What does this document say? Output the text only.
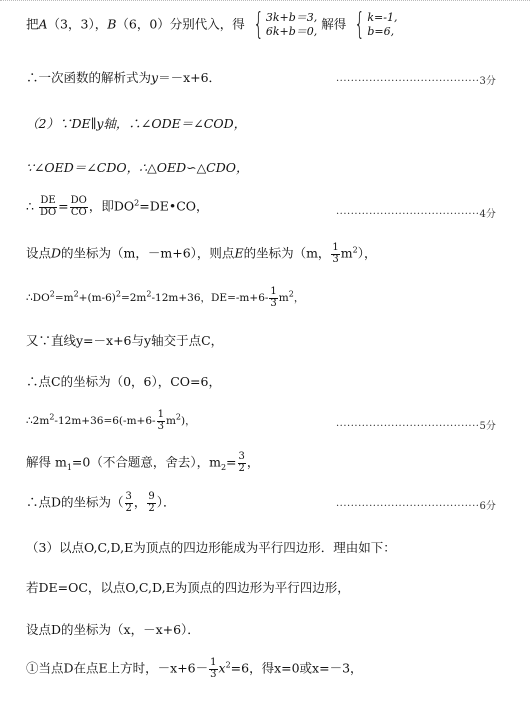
把A（3，3），B（6，0）分别代入，得 { 3k+b＝3,
6k+b＝0, 解得 { k=-1,
b=6,
∴一次函数的解析式为y＝－x+6．	·······································3分
（2）∵DE∥y轴，∴∠ODE＝∠COD，
∵∠OED＝∠CDO，∴△OED∽△CDO，
∴ $\frac{DE}{DO} = \frac{DO}{CO}$ ，即$DO^2=DE•CO$，
·······································4分
设点D的坐标为（m，－m+6），则点E的坐标为（m， $\frac{1}{3} m^2$），
$\therefore DO^2=m^2+(m-6)^2=2m^2-12m+36$，$DE=-m+6- \frac{1}{3} m^2$，
又∵直线y=－x+6与y轴交于点C，
∴点C的坐标为（0，6），CO=6，
$\therefore 2m^2-12m+36=6(-m+6- \frac{1}{3} m^2)$，	·······································5分
解得 $m_1=0$（不合题意，舍去），$m_2= \frac{3}{2}$ ，
∴点D的坐标为（ $\frac{3}{2}$ ， $\frac{9}{2}$ ）．	·······································6分
（3）以点O,C,D,E为顶点的四边形能成为平行四边形．理由如下：
若DE=OC，以点O,C,D,E为顶点的四边形为平行四边形，
设点D的坐标为（x，－x+6）．
①当点D在点E上方时，$-x+6- \frac{1}{3} x^2=6$，得x=0或x=－3，
